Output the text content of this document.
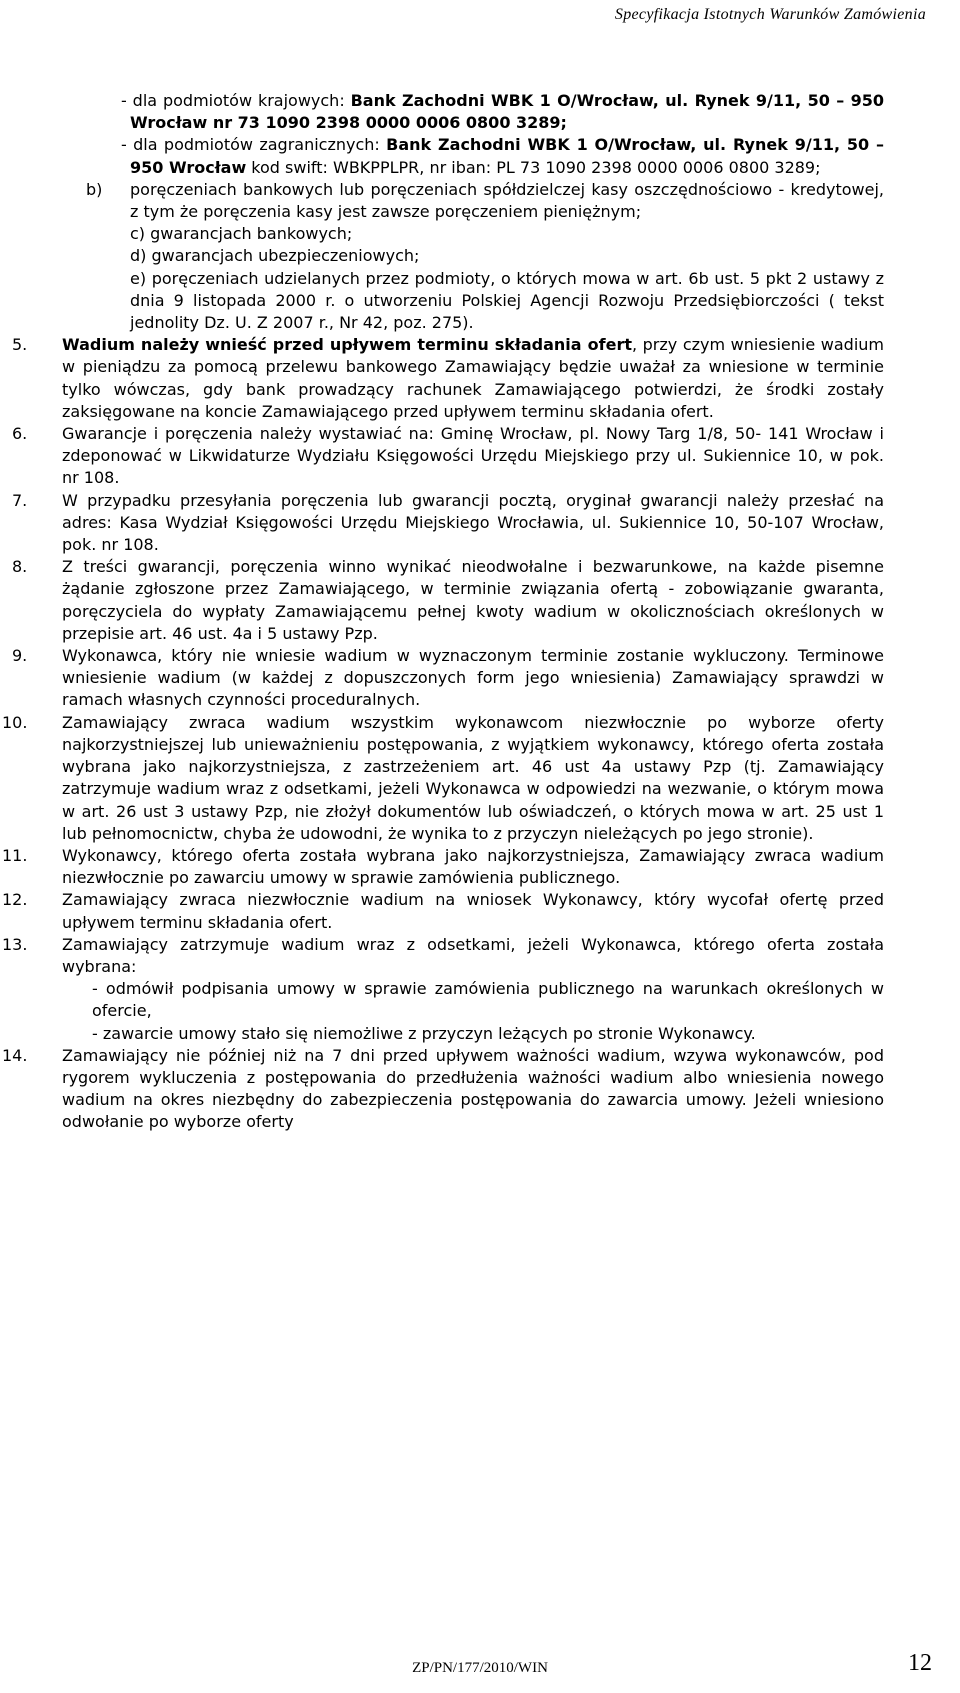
Specyfikacja Istotnych Warunków Zamówienia
- dla podmiotów krajowych: Bank Zachodni WBK 1 O/Wrocław, ul. Rynek 9/11, 50 – 950 Wrocław nr 73 1090 2398 0000 0006 0800 3289;
- dla podmiotów zagranicznych: Bank Zachodni WBK 1 O/Wrocław, ul. Rynek 9/11, 50 – 950 Wrocław kod swift: WBKPPLPR, nr iban: PL 73 1090 2398 0000 0006 0800 3289;
b) poręczeniach bankowych lub poręczeniach spółdzielczej kasy oszczędnościowo - kredytowej, z tym że poręczenia kasy jest zawsze poręczeniem pieniężnym;
c) gwarancjach bankowych;
d) gwarancjach ubezpieczeniowych;
e) poręczeniach udzielanych przez podmioty, o których mowa w art. 6b ust. 5 pkt 2 ustawy z dnia 9 listopada 2000 r. o utworzeniu Polskiej Agencji Rozwoju Przedsiębiorczości ( tekst jednolity Dz. U. Z 2007 r., Nr 42, poz. 275).
5. Wadium należy wnieść przed upływem terminu składania ofert, przy czym wniesienie wadium w pieniądzu za pomocą przelewu bankowego Zamawiający będzie uważał za wniesione w terminie tylko wówczas, gdy bank prowadzący rachunek Zamawiającego potwierdzi, że środki zostały zaksięgowane na koncie Zamawiającego przed upływem terminu składania ofert.
6. Gwarancje i poręczenia należy wystawiać na: Gminę Wrocław, pl. Nowy Targ 1/8, 50- 141 Wrocław i zdeponować w Likwidaturze Wydziału Księgowości Urzędu Miejskiego przy ul. Sukiennice 10, w pok. nr 108.
7. W przypadku przesyłania poręczenia lub gwarancji pocztą, oryginał gwarancji należy przesłać na adres: Kasa Wydział Księgowości Urzędu Miejskiego Wrocławia, ul. Sukiennice 10, 50-107 Wrocław, pok. nr 108.
8. Z treści gwarancji, poręczenia winno wynikać nieodwołalne i bezwarunkowe, na każde pisemne żądanie zgłoszone przez Zamawiającego, w terminie związania ofertą - zobowiązanie gwaranta, poręczyciela do wypłaty Zamawiającemu pełnej kwoty wadium w okolicznościach określonych w przepisie art. 46 ust. 4a i 5 ustawy Pzp.
9. Wykonawca, który nie wniesie wadium w wyznaczonym terminie zostanie wykluczony. Terminowe wniesienie wadium (w każdej z dopuszczonych form jego wniesienia) Zamawiający sprawdzi w ramach własnych czynności proceduralnych.
10. Zamawiający zwraca wadium wszystkim wykonawcom niezwłocznie po wyborze oferty najkorzystniejszej lub unieważnieniu postępowania, z wyjątkiem wykonawcy, którego oferta została wybrana jako najkorzystniejsza, z zastrzeżeniem art. 46 ust 4a ustawy Pzp (tj. Zamawiający zatrzymuje wadium wraz z odsetkami, jeżeli Wykonawca w odpowiedzi na wezwanie, o którym mowa w art. 26 ust 3 ustawy Pzp, nie złożył dokumentów lub oświadczeń, o których mowa w art. 25 ust 1 lub pełnomocnictw, chyba że udowodni, że wynika to z przyczyn nieleżących po jego stronie).
11. Wykonawcy, którego oferta została wybrana jako najkorzystniejsza, Zamawiający zwraca wadium niezwłocznie po zawarciu umowy w sprawie zamówienia publicznego.
12. Zamawiający zwraca niezwłocznie wadium na wniosek Wykonawcy, który wycofał ofertę przed upływem terminu składania ofert.
13. Zamawiający zatrzymuje wadium wraz z odsetkami, jeżeli Wykonawca, którego oferta została wybrana:
- odmówił podpisania umowy w sprawie zamówienia publicznego na warunkach określonych w ofercie,
- zawarcie umowy stało się niemożliwe z przyczyn leżących po stronie Wykonawcy.
14. Zamawiający nie później niż na 7 dni przed upływem ważności wadium, wzywa wykonawców, pod rygorem wykluczenia z postępowania do przedłużenia ważności wadium albo wniesienia nowego wadium na okres niezbędny do zabezpieczenia postępowania do zawarcia umowy. Jeżeli wniesiono odwołanie po wyborze oferty
ZP/PN/177/2010/WIN	12
